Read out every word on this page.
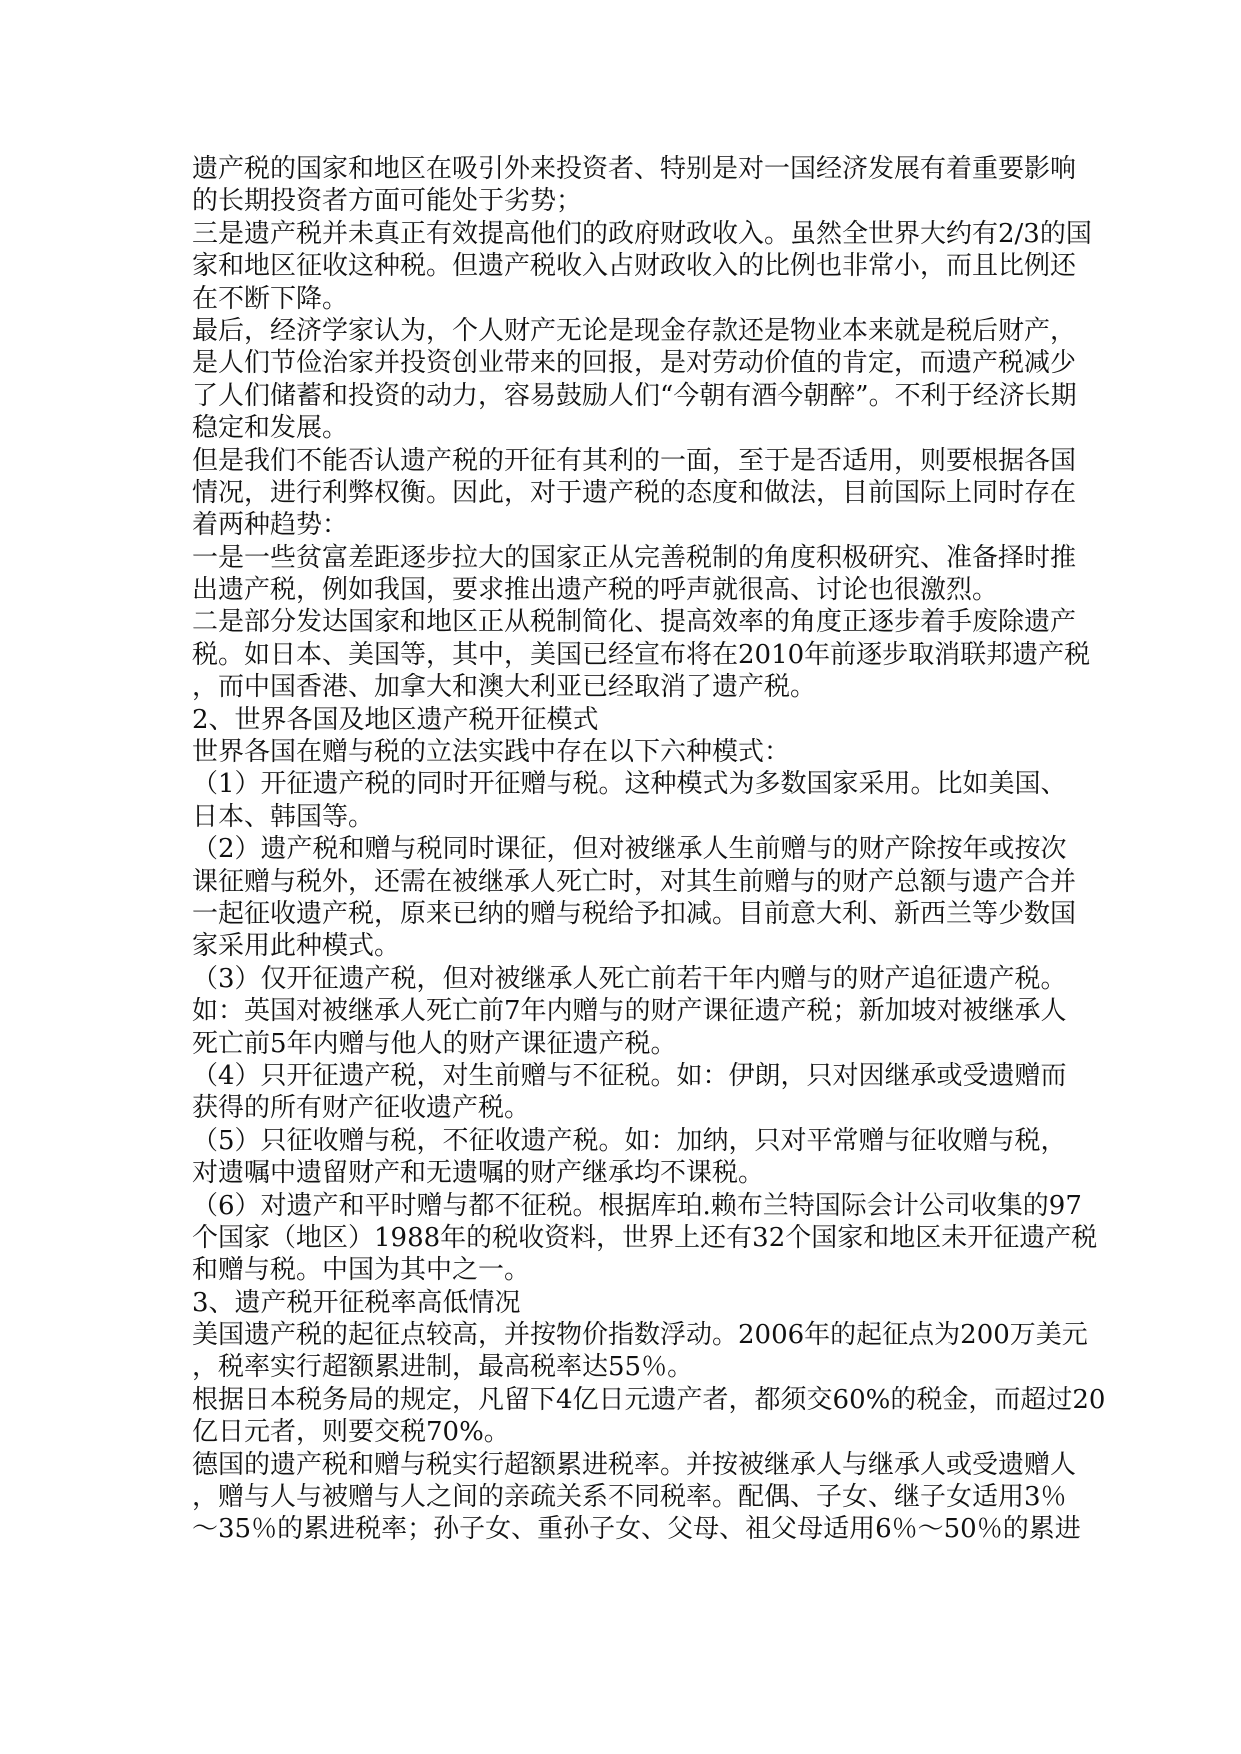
遗产税的国家和地区在吸引外来投资者、特别是对一国经济发展有着重要影响
的长期投资者方面可能处于劣势；
三是遗产税并未真正有效提高他们的政府财政收入。虽然全世界大约有2/3的国
家和地区征收这种税。但遗产税收入占财政收入的比例也非常小，而且比例还
在不断下降。
最后，经济学家认为，个人财产无论是现金存款还是物业本来就是税后财产，
是人们节俭治家并投资创业带来的回报，是对劳动价值的肯定，而遗产税减少
了人们储蓄和投资的动力，容易鼓励人们“今朝有酒今朝醉”。不利于经济长期
稳定和发展。
但是我们不能否认遗产税的开征有其利的一面，至于是否适用，则要根据各国
情况，进行利弊权衡。因此，对于遗产税的态度和做法，目前国际上同时存在
着两种趋势：
一是一些贫富差距逐步拉大的国家正从完善税制的角度积极研究、准备择时推
出遗产税，例如我国，要求推出遗产税的呼声就很高、讨论也很激烈。
二是部分发达国家和地区正从税制简化、提高效率的角度正逐步着手废除遗产
税。如日本、美国等，其中，美国已经宣布将在2010年前逐步取消联邦遗产税
，而中国香港、加拿大和澳大利亚已经取消了遗产税。
2、世界各国及地区遗产税开征模式
世界各国在赠与税的立法实践中存在以下六种模式：
（1）开征遗产税的同时开征赠与税。这种模式为多数国家采用。比如美国、
日本、韩国等。
（2）遗产税和赠与税同时课征，但对被继承人生前赠与的财产除按年或按次
课征赠与税外，还需在被继承人死亡时，对其生前赠与的财产总额与遗产合并
一起征收遗产税，原来已纳的赠与税给予扣减。目前意大利、新西兰等少数国
家采用此种模式。
（3）仅开征遗产税，但对被继承人死亡前若干年内赠与的财产追征遗产税。
如：英国对被继承人死亡前7年内赠与的财产课征遗产税；新加坡对被继承人
死亡前5年内赠与他人的财产课征遗产税。
（4）只开征遗产税，对生前赠与不征税。如：伊朗，只对因继承或受遗赠而
获得的所有财产征收遗产税。
（5）只征收赠与税，不征收遗产税。如：加纳，只对平常赠与征收赠与税，
对遗嘱中遗留财产和无遗嘱的财产继承均不课税。
（6）对遗产和平时赠与都不征税。根据库珀.赖布兰特国际会计公司收集的97
个国家（地区）1988年的税收资料，世界上还有32个国家和地区未开征遗产税
和赠与税。中国为其中之一。
3、遗产税开征税率高低情况
美国遗产税的起征点较高，并按物价指数浮动。2006年的起征点为200万美元
，税率实行超额累进制，最高税率达55％。
根据日本税务局的规定，凡留下4亿日元遗产者，都须交60%的税金，而超过20
亿日元者，则要交税70%。
德国的遗产税和赠与税实行超额累进税率。并按被继承人与继承人或受遗赠人
，赠与人与被赠与人之间的亲疏关系不同税率。配偶、子女、继子女适用3％
～35％的累进税率；孙子女、重孙子女、父母、祖父母适用6％～50％的累进
